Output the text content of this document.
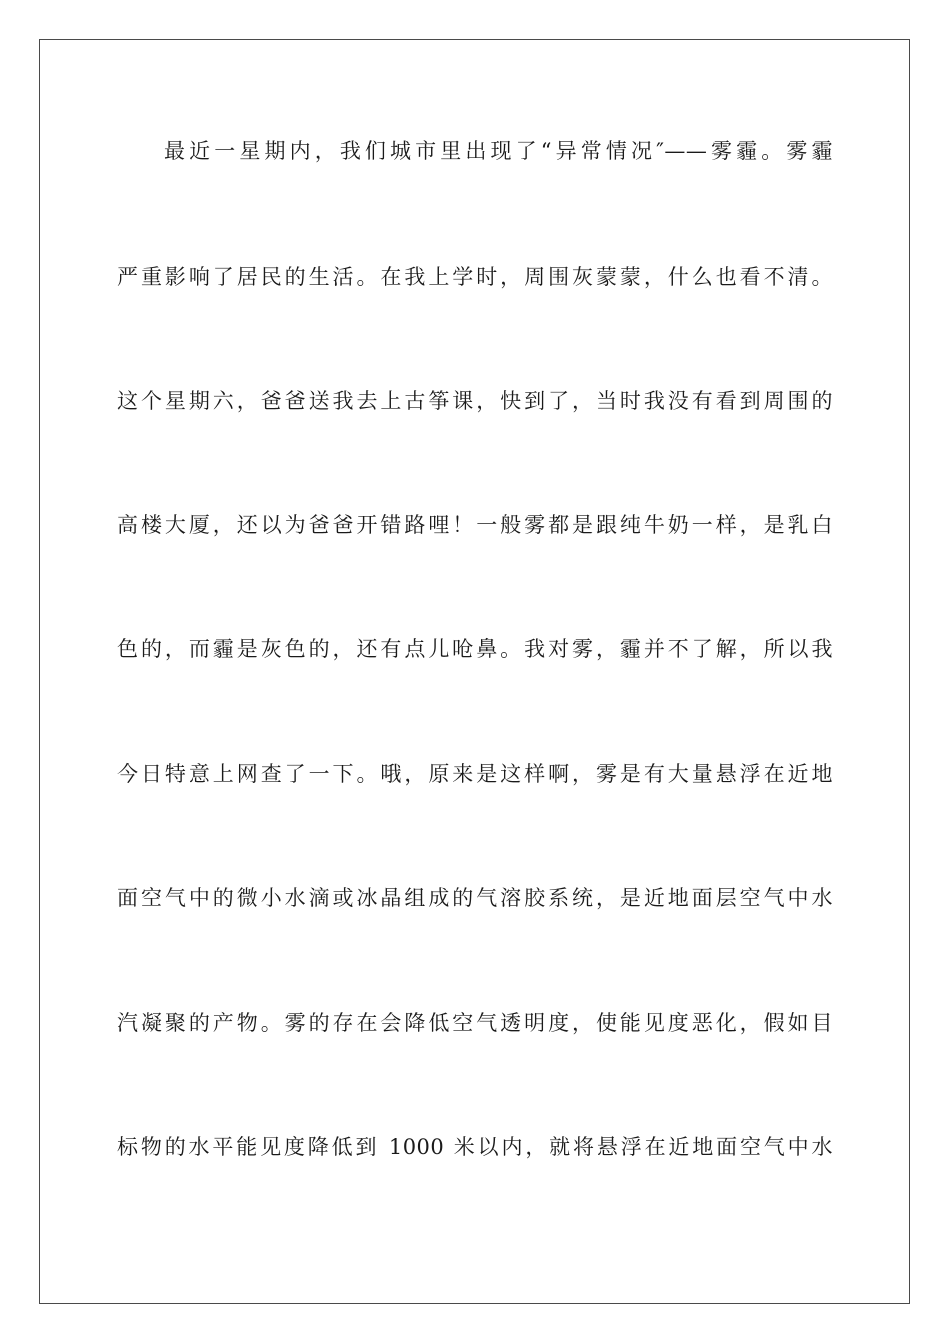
最近一星期内，我们城市里出现了“异常情况″——雾霾。雾霾
严重影响了居民的生活。在我上学时，周围灰蒙蒙，什么也看不清。
这个星期六，爸爸送我去上古筝课，快到了，当时我没有看到周围的
高楼大厦，还以为爸爸开错路哩！一般雾都是跟纯牛奶一样，是乳白
色的，而霾是灰色的，还有点儿呛鼻。我对雾，霾并不了解，所以我
今日特意上网查了一下。哦，原来是这样啊，雾是有大量悬浮在近地
面空气中的微小水滴或冰晶组成的气溶胶系统，是近地面层空气中水
汽凝聚的产物。雾的存在会降低空气透明度，使能见度恶化，假如目
标物的水平能见度降低到 1000 米以内，就将悬浮在近地面空气中水
